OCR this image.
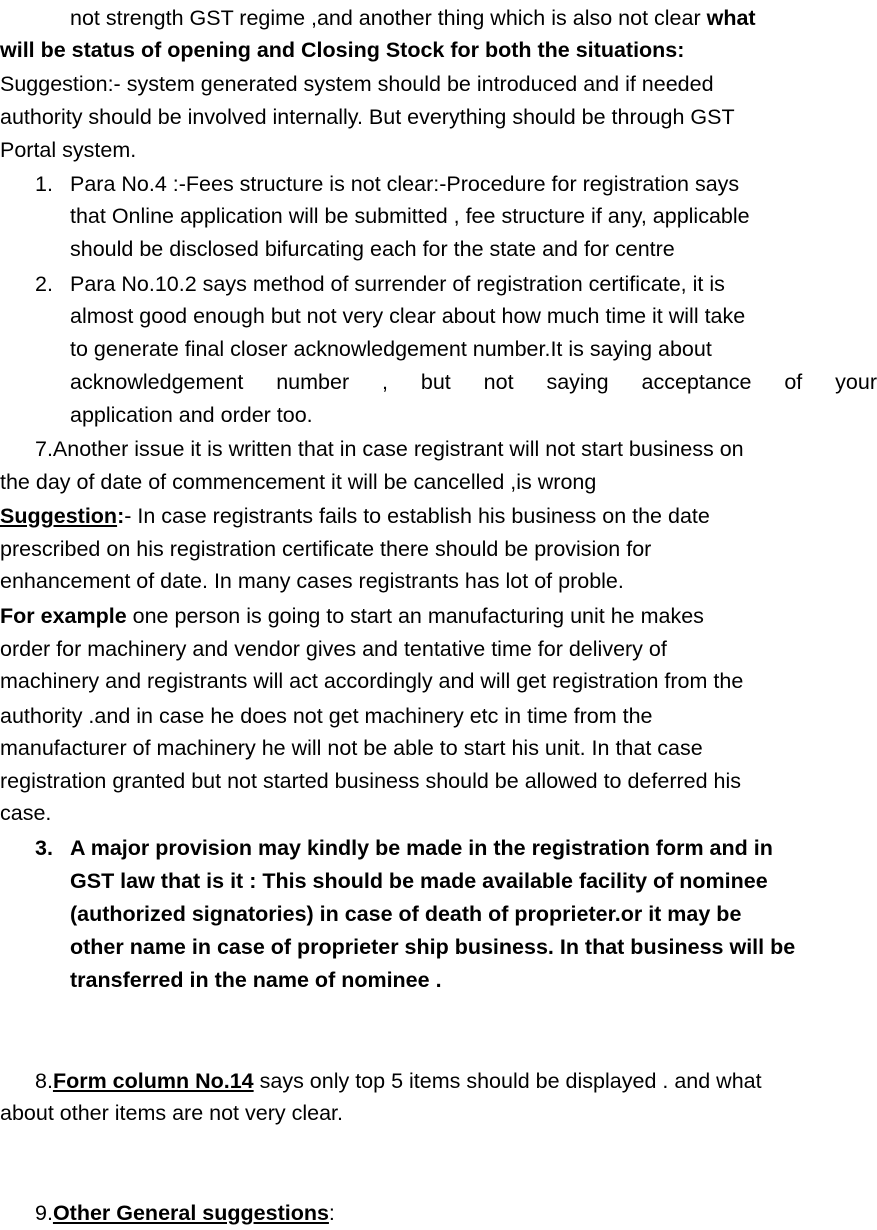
not strength GST regime ,and another thing which is also not clear what
will be status of opening and Closing Stock for both the situations:
Suggestion:- system generated system should be introduced and if needed
authority should be involved internally. But everything should be through GST
Portal system.
1. Para No.4 :-Fees structure is not clear:-Procedure for registration says
that Online application will be submitted , fee structure if any, applicable
should be disclosed bifurcating each for the state and for centre
2. Para No.10.2 says method of surrender of registration certificate, it is
almost good enough but not very clear about how much time it will take
to generate final closer acknowledgement number.It is saying about
acknowledgement number , but not saying acceptance of your
application and order too.
7.Another issue it is written that in case registrant will not start business on
the day of date of commencement it will be cancelled ,is wrong
Suggestion:- In case registrants fails to establish his business on the date
prescribed on his registration certificate there should be provision for
enhancement of date. In many cases registrants has lot of proble.
For example one person is going to start an manufacturing unit he makes
order for machinery and vendor gives and tentative time for delivery of
machinery and registrants will act accordingly and will get registration from the
authority .and in case he does not get machinery etc in time from the
manufacturer of machinery he will not be able to start his unit. In that case
registration granted but not started business should be allowed to deferred his
case.
3. A major provision may kindly be made in the registration form and in
GST law that is it : This should be made available facility of nominee
(authorized signatories) in case of death of proprieter.or it may be
other name in case of proprieter ship business. In that business will be
transferred in the name of nominee .
8.Form column No.14 says only top 5 items should be displayed . and what
about other items are not very clear.
9.Other General suggestions:
